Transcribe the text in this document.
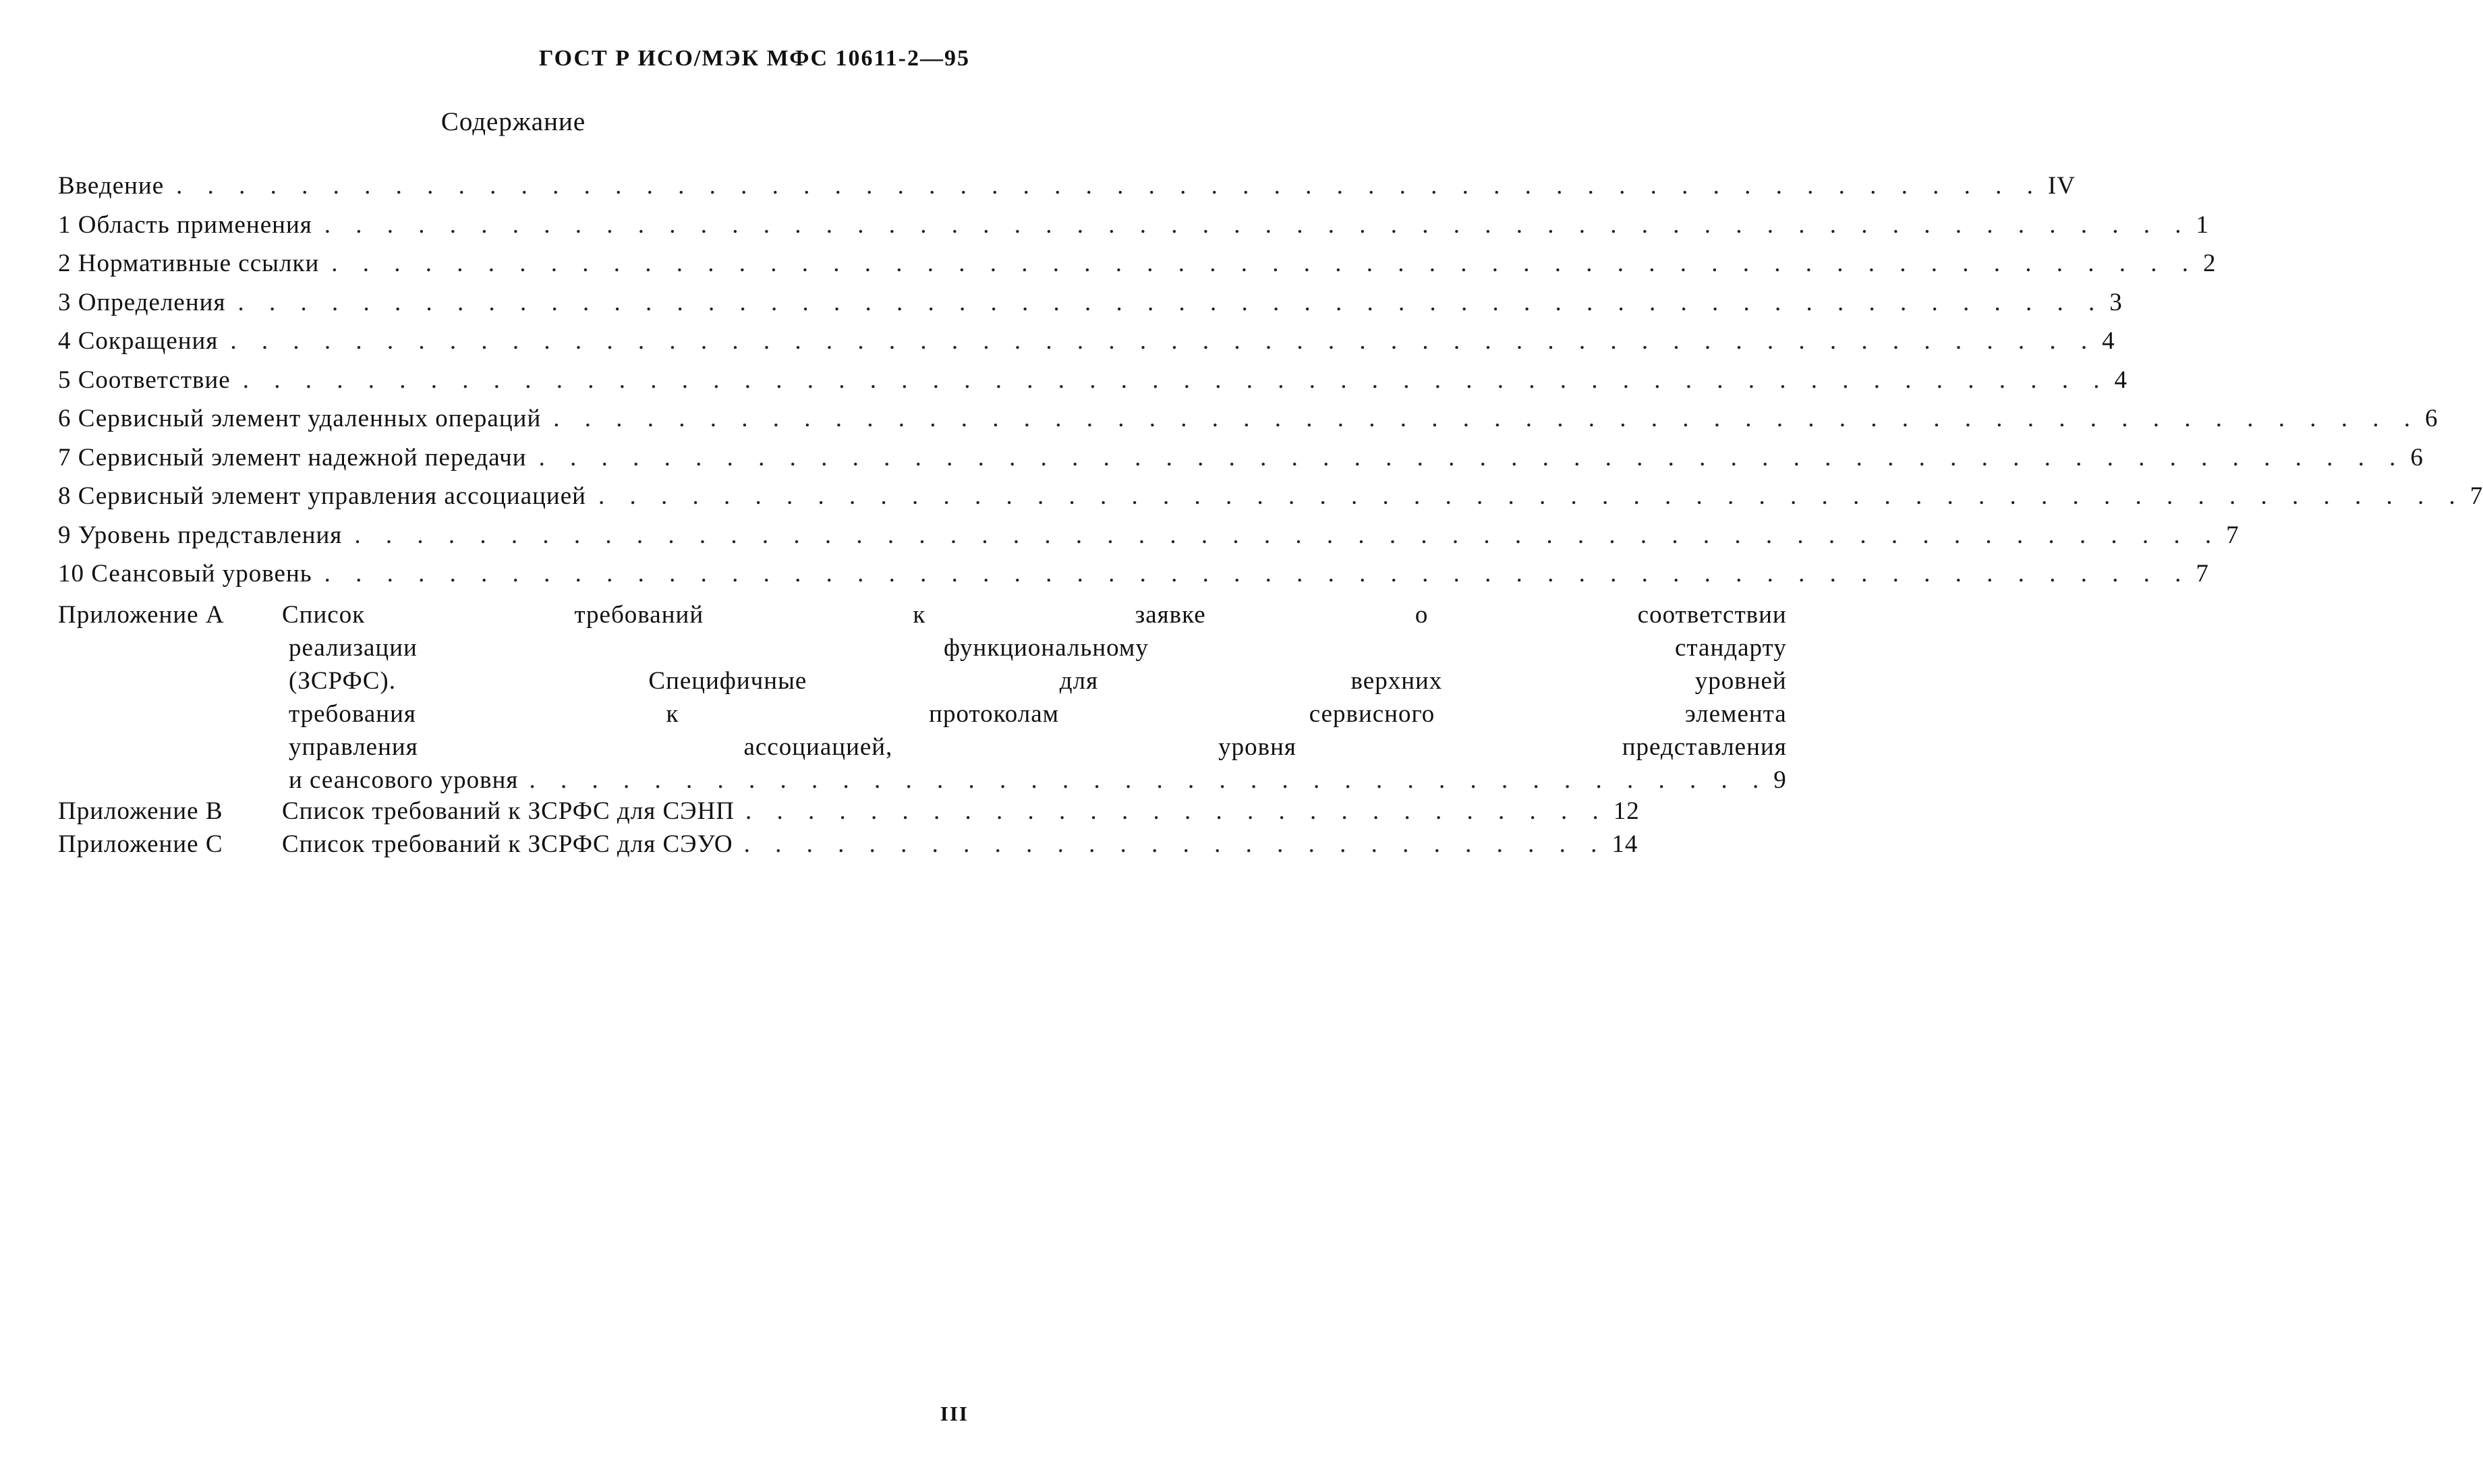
ГОСТ Р ИСО/МЭК МФС 10611-2—95
Содержание
Введение . . . . . . . . . . . . . . . . . . . . . . . . . . . . . . . . . . . . . . . . . . . . . . . . . . . . . . . . . . . . IV
1 Область применения . . . . . . . . . . . . . . . . . . . . . . . . . . . . . . . . . . . . . . . . . . . . . . . . . . . . . . . . . . . . 1
2 Нормативные ссылки . . . . . . . . . . . . . . . . . . . . . . . . . . . . . . . . . . . . . . . . . . . . . . . . . . . . . . . . . . . . 2
3 Определения . . . . . . . . . . . . . . . . . . . . . . . . . . . . . . . . . . . . . . . . . . . . . . . . . . . . . . . . . . . . 3
4 Сокращения . . . . . . . . . . . . . . . . . . . . . . . . . . . . . . . . . . . . . . . . . . . . . . . . . . . . . . . . . . . . 4
5 Соответствие . . . . . . . . . . . . . . . . . . . . . . . . . . . . . . . . . . . . . . . . . . . . . . . . . . . . . . . . . . . . 4
6 Сервисный элемент удаленных операций . . . . . . . . . . . . . . . . . . . . . . . . . . . . . . . . . . . . . . . . . . . . . . . . . . . . . . . . . . . . 6
7 Сервисный элемент надежной передачи . . . . . . . . . . . . . . . . . . . . . . . . . . . . . . . . . . . . . . . . . . . . . . . . . . . . . . . . . . . . 6
8 Сервисный элемент управления ассоциацией . . . . . . . . . . . . . . . . . . . . . . . . . . . . . . . . . . . . . . . . . . . . . . . . . . . . . . . . . . . . 7
9 Уровень представления . . . . . . . . . . . . . . . . . . . . . . . . . . . . . . . . . . . . . . . . . . . . . . . . . . . . . . . . . . . . 7
10 Сеансовый уровень . . . . . . . . . . . . . . . . . . . . . . . . . . . . . . . . . . . . . . . . . . . . . . . . . . . . . . . . . . . . 7
Приложение A	Список требований к заявке о соответствии
реализации функциональному стандарту
(ЗСРФС). Специфичные для верхних уровней
требования к протоколам сервисного элемента
управления ассоциацией, уровня представления
и сеансового уровня . . . . . . . . . . . . . . . . . . . . . . . . . . . . . . . . . . . . . . . . 9
Приложение B	Список требований к ЗСРФС для СЭНП . . . . . . . . . . . . . . . . . . . . . . . . . . . . 12
Приложение C	Список требований к ЗСРФС для СЭУО . . . . . . . . . . . . . . . . . . . . . . . . . . . . 14
III
